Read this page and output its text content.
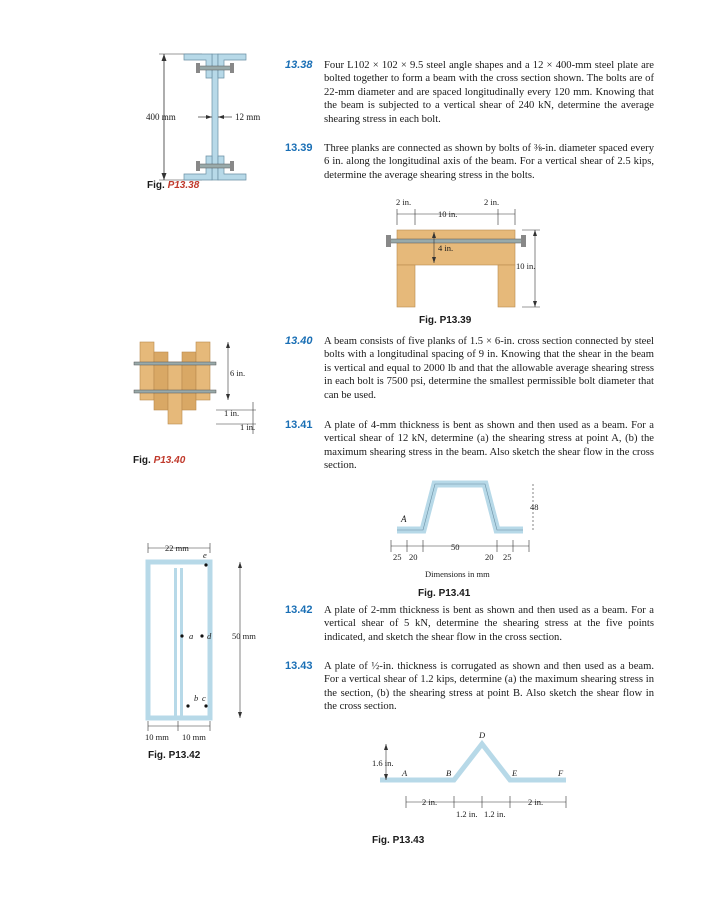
13.38 Four L102 × 102 × 9.5 steel angle shapes and a 12 × 400-mm steel plate are bolted together to form a beam with the cross section shown. The bolts are of 22-mm diameter and are spaced longitudinally every 120 mm. Knowing that the beam is subjected to a vertical shear of 240 kN, determine the average shearing stress in each bolt.
13.39 Three planks are connected as shown by bolts of ⅜-in. diameter spaced every 6 in. along the longitudinal axis of the beam. For a vertical shear of 2.5 kips, determine the average shearing stress in the bolts.
13.40 A beam consists of five planks of 1.5 × 6-in. cross section connected by steel bolts with a longitudinal spacing of 9 in. Knowing that the shear in the beam is vertical and equal to 2000 lb and that the allowable average shearing stress in each bolt is 7500 psi, determine the smallest permissible bolt diameter that can be used.
13.41 A plate of 4-mm thickness is bent as shown and then used as a beam. For a vertical shear of 12 kN, determine (a) the shearing stress at point A, (b) the maximum shearing stress in the beam. Also sketch the shear flow in the cross section.
13.42 A plate of 2-mm thickness is bent as shown and then used as a beam. For a vertical shear of 5 kN, determine the shearing stress at the five points indicated, and sketch the shear flow in the cross section.
13.43 A plate of ½-in. thickness is corrugated as shown and then used as a beam. For a vertical shear of 1.2 kips, determine (a) the maximum shearing stress in the section, (b) the shearing stress at point B. Also sketch the shear flow in the cross section.
400 mm	12 mm
Fig. P13.38
2 in.	2 in.
10 in.
4 in.
10 in.
Fig. P13.39
6 in.
1 in.
1 in.
Fig. P13.40
A
48
25 20
50
20 25
Dimensions in mm
Fig. P13.41
22 mm
e
a d
b c
50 mm
10 mm 10 mm
Fig. P13.42
D
A	B	E	F
1.6 in.
2 in.
1.2 in. 1.2 in.
2 in.
Fig. P13.43
